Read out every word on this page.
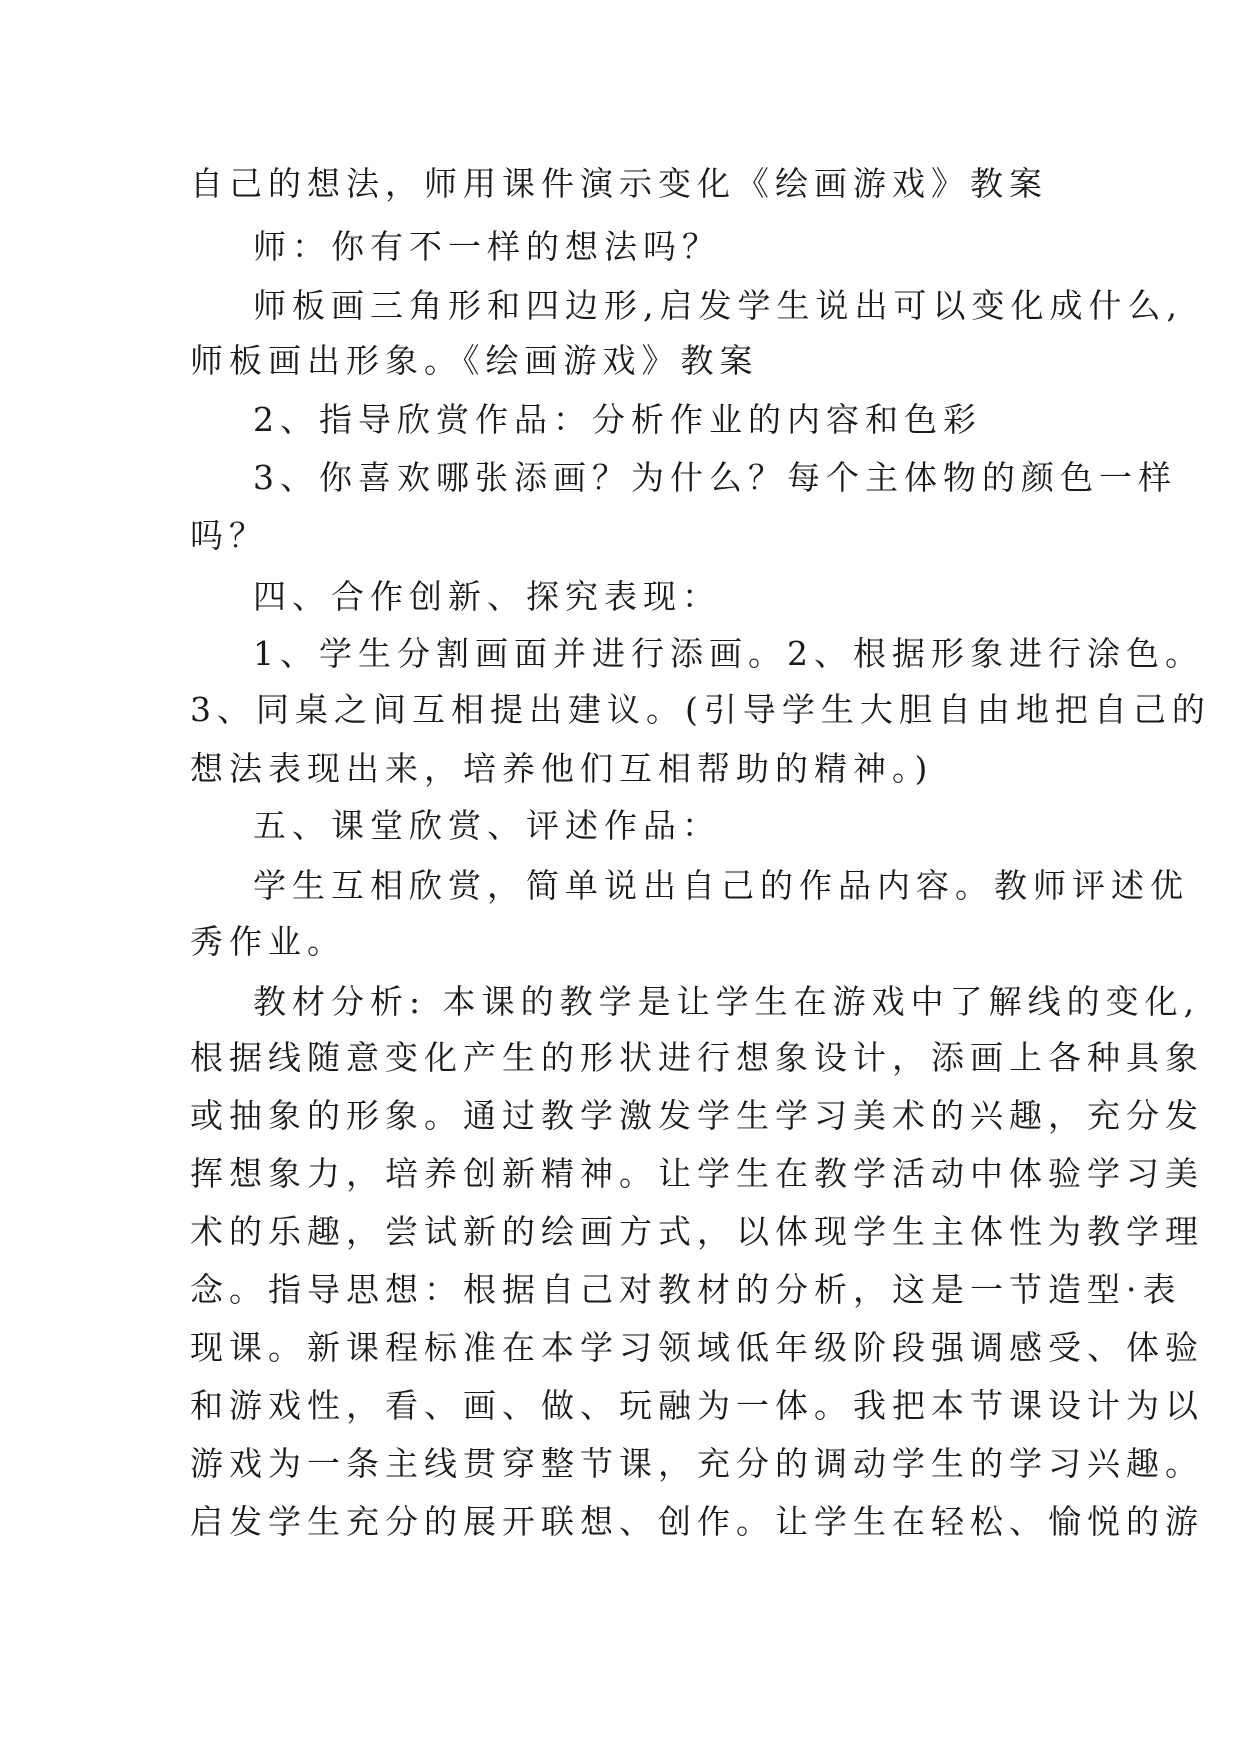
自己的想法，师用课件演示变化《绘画游戏》教案
师：你有不一样的想法吗？
师板画三角形和四边形,启发学生说出可以变化成什么,
师板画出形象。《绘画游戏》教案
2、指导欣赏作品：分析作业的内容和色彩
3、你喜欢哪张添画？为什么？每个主体物的颜色一样
吗？
四、合作创新、探究表现：
1、学生分割画面并进行添画。2、根据形象进行涂色。
3、同桌之间互相提出建议。(引导学生大胆自由地把自己的
想法表现出来，培养他们互相帮助的精神。)
五、课堂欣赏、评述作品：
学生互相欣赏，简单说出自己的作品内容。教师评述优
秀作业。
教材分析: 本课的教学是让学生在游戏中了解线的变化,
根据线随意变化产生的形状进行想象设计，添画上各种具象
或抽象的形象。通过教学激发学生学习美术的兴趣，充分发
挥想象力，培养创新精神。让学生在教学活动中体验学习美
术的乐趣，尝试新的绘画方式，以体现学生主体性为教学理
念。指导思想：根据自己对教材的分析，这是一节造型·表
现课。新课程标准在本学习领域低年级阶段强调感受、体验
和游戏性，看、画、做、玩融为一体。我把本节课设计为以
游戏为一条主线贯穿整节课，充分的调动学生的学习兴趣。
启发学生充分的展开联想、创作。让学生在轻松、愉悦的游
